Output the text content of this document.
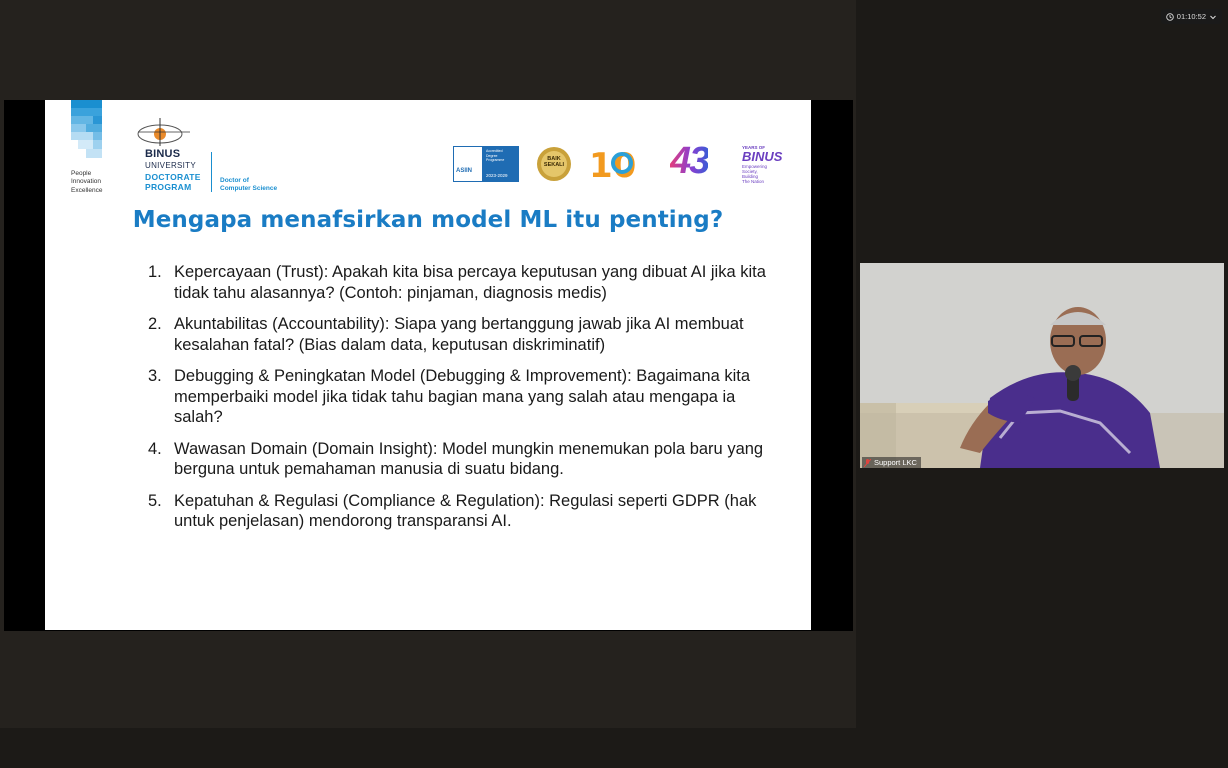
People
Innovation
Excellence
BINUS
UNIVERSITY
DOCTORATE
PROGRAM
Doctor of
Computer Science
ASIIN
Accredited
Degree
Programme
2023-2029
BAIK
SEKALI 10 43	YEARS OF
BINUS
Empowering
Society,
Building
The Nation
Mengapa menafsirkan model ML itu penting?
1. Kepercayaan (Trust): Apakah kita bisa percaya keputusan yang dibuat AI jika kita tidak tahu alasannya? (Contoh: pinjaman, diagnosis medis)
2. Akuntabilitas (Accountability): Siapa yang bertanggung jawab jika AI membuat kesalahan fatal? (Bias dalam data, keputusan diskriminatif)
3. Debugging & Peningkatan Model (Debugging & Improvement): Bagaimana kita memperbaiki model jika tidak tahu bagian mana yang salah atau mengapa ia salah?
4. Wawasan Domain (Domain Insight): Model mungkin menemukan pola baru yang berguna untuk pemahaman manusia di suatu bidang.
5. Kepatuhan & Regulasi (Compliance & Regulation): Regulasi seperti GDPR (hak untuk penjelasan) mendorong transparansi AI.
Support LKC
01:10:52
